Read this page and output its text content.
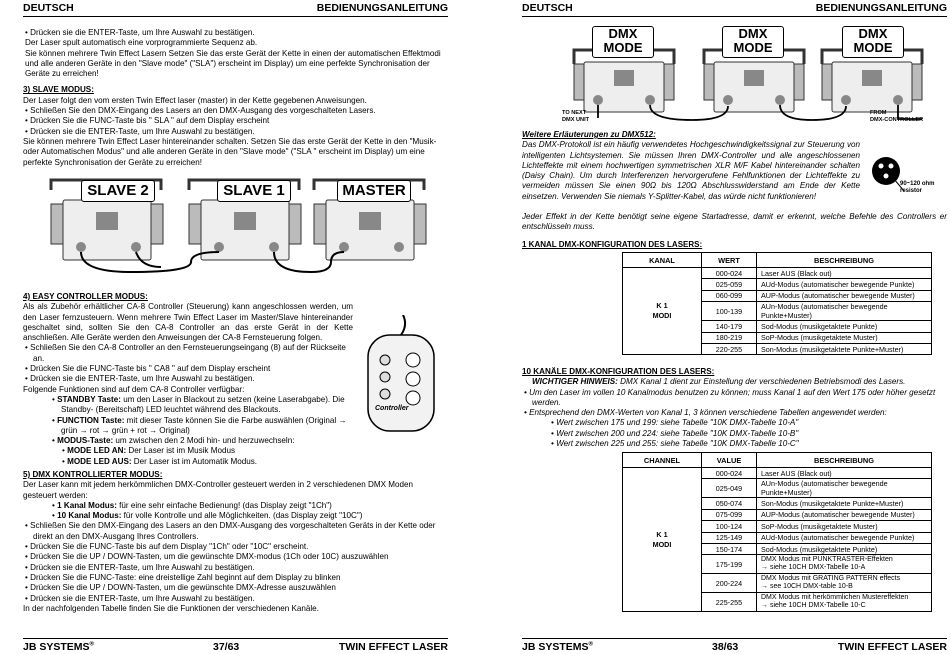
DEUTSCH	BEDIENUNGSANLEITUNG

• Drücken sie die ENTER-Taste, um Ihre Auswahl zu bestätigen.

Der Laser spult automatisch eine vorprogrammierte Sequenz ab.

Sie können mehrere Twin Effect Lasern Setzen Sie das erste Gerät der Kette in einen der automatischen Effektmodi und alle anderen Geräte in den "Slave mode" ("SLA") erscheint im Display) um eine perfekte Synchronisation der Geräte zu erreichen!

3) SLAVE MODUS:

Der Laser folgt den vom ersten Twin Effect laser (master) in der Kette gegebenen Anweisungen.

• Schließen Sie den DMX-Eingang des Lasers an den DMX-Ausgang des vorgeschalteten Lasers.

• Drücken Sie die FUNC-Taste bis " SLA " auf dem Display erscheint

• Drücken sie die ENTER-Taste, um Ihre Auswahl zu bestätigen.

Sie können mehrere Twin Effect Laser hintereinander schalten. Setzen Sie das erste Gerät der Kette in den "Musik- oder Automatischen Modus" und alle anderen Geräte in den "Slave mode" ("SLA " erscheint im Display) um eine perfekte Synchronisation der Geräte zu erreichen!

SLAVE 2	SLAVE 1	MASTER

4) EASY CONTROLLER MODUS:

Als als Zubehör erhältlicher CA-8 Controller (Steuerung) kann angeschlossen werden, um den Laser fernzusteuern. Wenn mehrere Twin Effect Laser im Master/Slave hintereinander geschaltet sind, sollten Sie den CA-8 Controller an das erste Gerät in der Kette anschließen. Alle Geräte werden den Anweisungen der CA-8 Fernsteuerung folgen.

• Schließen Sie den CA-8 Controller an den Fernsteuerungseingang (8) auf der Rückseite an.

• Drücken Sie die FUNC-Taste bis " CA8 " auf dem Display erscheint

• Drücken sie die ENTER-Taste, um Ihre Auswahl zu bestätigen.

Folgende Funktionen sind auf dem CA-8 Controller verfügbar:

• STANDBY Taste: um den Laser in Blackout zu setzen (keine Laserabgabe). Die Standby- (Bereitschaft) LED leuchtet während des Blackouts.

• FUNCTION Taste: mit dieser Taste können Sie die Farbe auswählen (Original → grün → rot → grün + rot → Original)

• MODUS-Taste: um zwischen den 2 Modi hin- und herzuwechseln:

• MODE LED AN: Der Laser ist im Musik Modus

• MODE LED AUS: Der Laser ist im Automatik Modus.

Controller

5) DMX KONTROLLIERTER MODUS:

Der Laser kann mit jedem herkömmlichen DMX-Controller gesteuert werden in 2 verschiedenen DMX Moden gesteuert werden:

• 1 Kanal Modus: für eine sehr einfache Bedienung! (das Display zeigt "1Ch")

• 10 Kanal Modus: für volle Kontrolle und alle Möglichkeiten. (das Display zeigt "10C")

• Schließen Sie den DMX-Eingang des Lasers an den DMX-Ausgang des vorgeschalteten Geräts in der Kette oder direkt an den DMX-Ausgang Ihres Controllers.

• Drücken Sie die FUNC-Taste bis auf dem Display "1Ch" oder "10C" erscheint.

• Drücken Sie die UP / DOWN-Tasten, um die gewünschte DMX-modus (1Ch oder 10C) auszuwählen

• Drücken sie die ENTER-Taste, um Ihre Auswahl zu bestätigen.

• Drücken Sie die FUNC-Taste: eine dreistellige Zahl beginnt auf dem Display zu blinken

• Drücken Sie die UP / DOWN-Tasten, um die gewünschte DMX-Adresse auszuwählen

• Drücken sie die ENTER-Taste, um Ihre Auswahl zu bestätigen.

In der nachfolgenden Tabelle finden Sie die Funktionen der verschiedenen Kanäle.

JB SYSTEMS®	37/63	TWIN EFFECT LASER
DEUTSCH	BEDIENUNGSANLEITUNG
DMX
MODE
DMX
MODE
DMX
MODE
TO NEXT
DMX UNIT
FROM
DMX-CONTROLLER

Weitere Erläuterungen zu DMX512:

Das DMX-Protokoll ist ein häufig verwendetes Hochgeschwindigkeitssignal zur Steuerung von intelligenten Lichtsystemen. Sie müssen Ihren DMX-Controller und alle angeschlossenen Lichteffekte mit einem hochwertigen symmetrischen XLR M/F Kabel hintereinander schalten (Daisy Chain). Um durch Interferenzen hervorgerufene Fehlfunktionen der Lichteffekte zu vermeiden müssen Sie einen 90Ω bis 120Ω Abschlusswiderstand am Ende der Kette einsetzen. Verwenden Sie niemals Y-Splitter-Kabel, das würde nicht funktionieren!

Jeder Effekt in der Kette benötigt seine eigene Startadresse, damit er erkennt, welche Befehle des Controllers er entschlüsseln muss.
90~120 ohm
resistor
1 KANAL DMX-KONFIGURATION DES LASERS:
KANAL	WERT	BESCHREIBUNG
K 1
MODI	000-024	Laser AUS (Black out)
	025-059	AUd-Modus (automatischer bewegende Punkte)
	060-099	AUP-Modus (automatischer bewegende Muster)
	100-139	AUn-Modus (automatischer bewegende Punkte+Muster)
	140-179	Sod-Modus (musikgetaktete Punkte)
	180-219	SoP-Modus (musikgetaktete Muster)
	220-255	Son-Modus (musikgetaktete Punkte+Muster)

10 KANÄLE DMX-KONFIGURATION DES LASERS:

WICHTIGER HINWEIS: DMX Kanal 1 dient zur Einstellung der verschiedenen Betriebsmodi des Lasers.

• Um den Laser im vollen 10 Kanalmodus benutzen zu können; muss Kanal 1 auf den Wert 175 oder höher gesetzt werden.

• Entsprechend den DMX-Werten von Kanal 1, 3 können verschiedene Tabellen angewendet werden:

• Wert zwischen 175 und 199: siehe Tabelle "10K DMX-Tabelle 10-A"

• Wert zwischen 200 und 224: siehe Tabelle "10K DMX-Tabelle 10-B"

• Wert zwischen 225 und 255: siehe Tabelle "10K DMX-Tabelle 10-C"

CHANNEL	VALUE	BESCHREIBUNG
K 1
MODI	000-024	Laser AUS (Black out)
	025-049	AUn-Modus (automatischer bewegende Punkte+Muster)
	050-074	Son-Modus (musikgetaktete Punkte+Muster)
	075-099	AUP-Modus (automatischer bewegende Muster)
	100-124	SoP-Modus (musikgetaktete Muster)
	125-149	AUd-Modus (automatischer bewegende Punkte)
	150-174	Sod-Modus (musikgetaktete Punkte)
	175-199	DMX Modus mit PUNKTRASTER-Effekten
→ siehe 10CH DMX-Tabelle 10-A
	200-224	DMX Modus mit GRATING PATTERN effects
→ see 10CH DMX-table 10-B
	225-255	DMX Modus mit herkömmlichen Mustereffekten
→ siehe 10CH DMX-Tabelle 10-C
JB SYSTEMS®	38/63	TWIN EFFECT LASER
